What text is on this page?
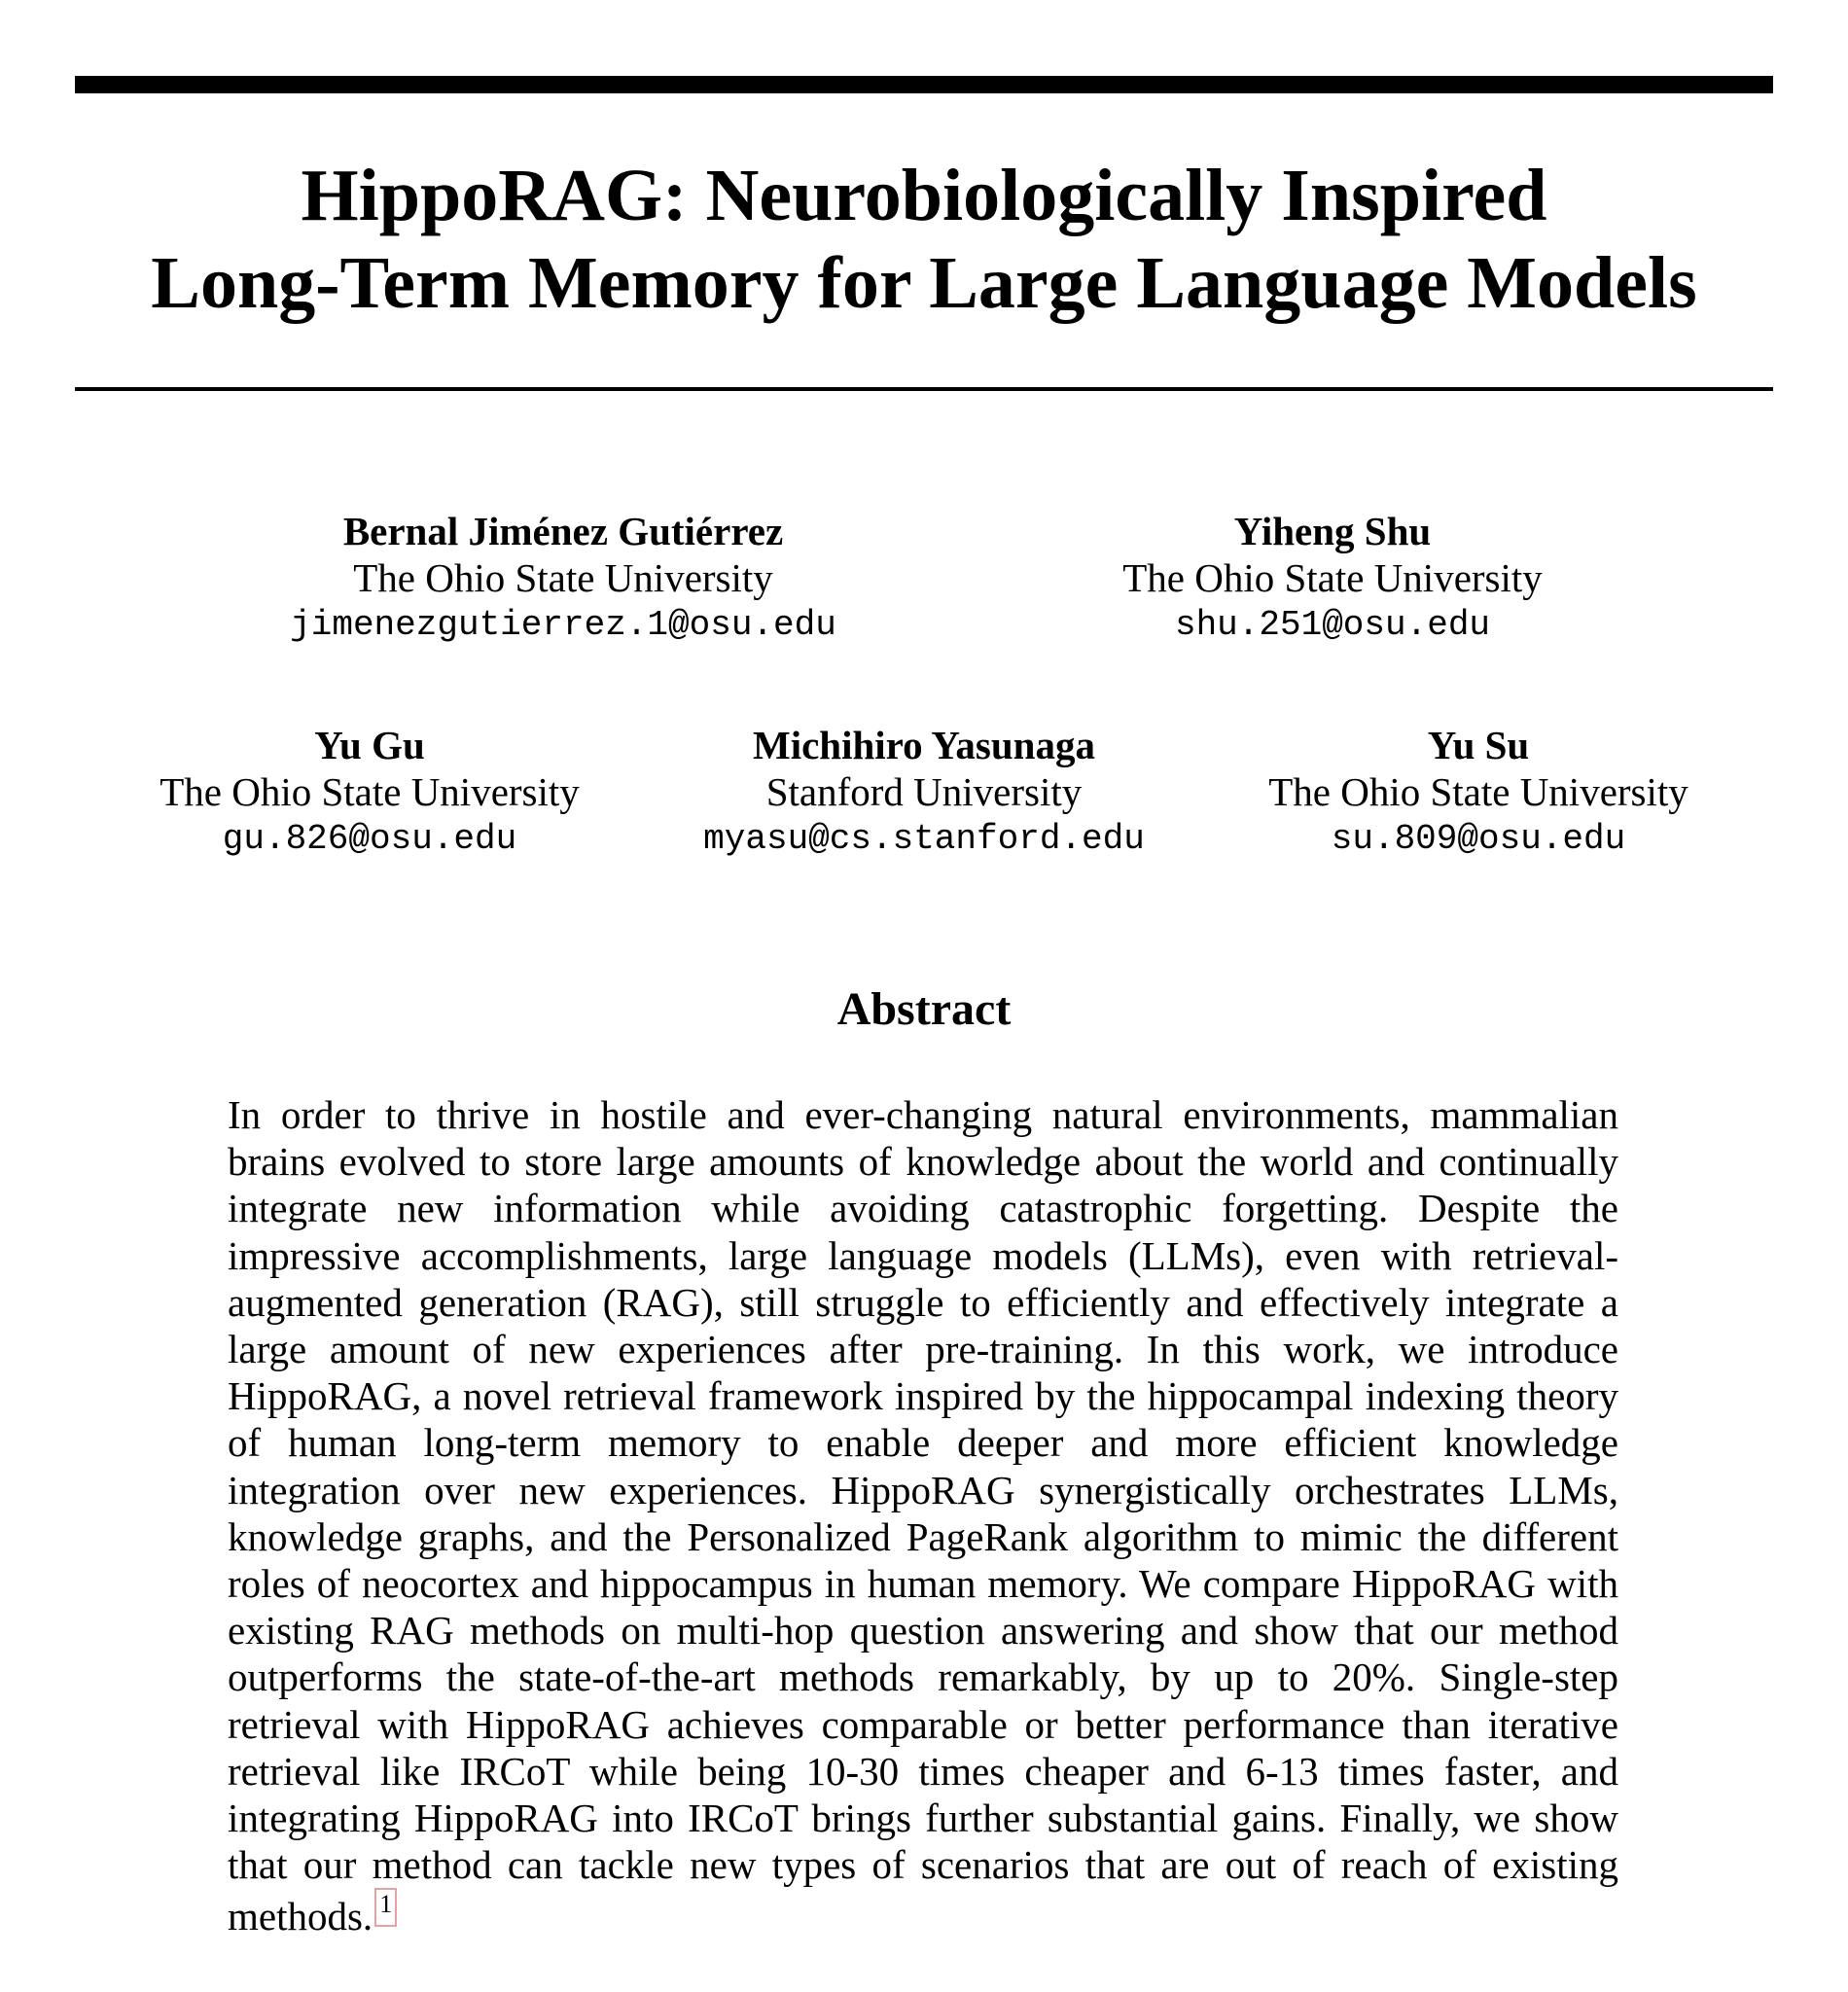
HippoRAG: Neurobiologically Inspired
Long-Term Memory for Large Language Models
Bernal Jiménez Gutiérrez
The Ohio State University
jimenezgutierrez.1@osu.edu
Yiheng Shu
The Ohio State University
shu.251@osu.edu
Yu Gu
The Ohio State University
gu.826@osu.edu
Michihiro Yasunaga
Stanford University
myasu@cs.stanford.edu
Yu Su
The Ohio State University
su.809@osu.edu
Abstract

In order to thrive in hostile and ever-changing natural environments, mammalian brains evolved to store large amounts of knowledge about the world and continually integrate new information while avoiding catastrophic forgetting. Despite the impressive accomplishments, large language models (LLMs), even with retrieval-augmented generation (RAG), still struggle to efficiently and effectively integrate a large amount of new experiences after pre-training. In this work, we introduce HippoRAG, a novel retrieval framework inspired by the hippocampal indexing theory of human long-term memory to enable deeper and more efficient knowledge integration over new experiences. HippoRAG synergistically orchestrates LLMs, knowledge graphs, and the Personalized PageRank algorithm to mimic the different roles of neocortex and hippocampus in human memory. We compare HippoRAG with existing RAG methods on multi-hop question answering and show that our method outperforms the state-of-the-art methods remarkably, by up to 20%. Single-step retrieval with HippoRAG achieves comparable or better performance than iterative retrieval like IRCoT while being 10-30 times cheaper and 6-13 times faster, and integrating HippoRAG into IRCoT brings further substantial gains. Finally, we show that our method can tackle new types of scenarios that are out of reach of existing methods. 1
